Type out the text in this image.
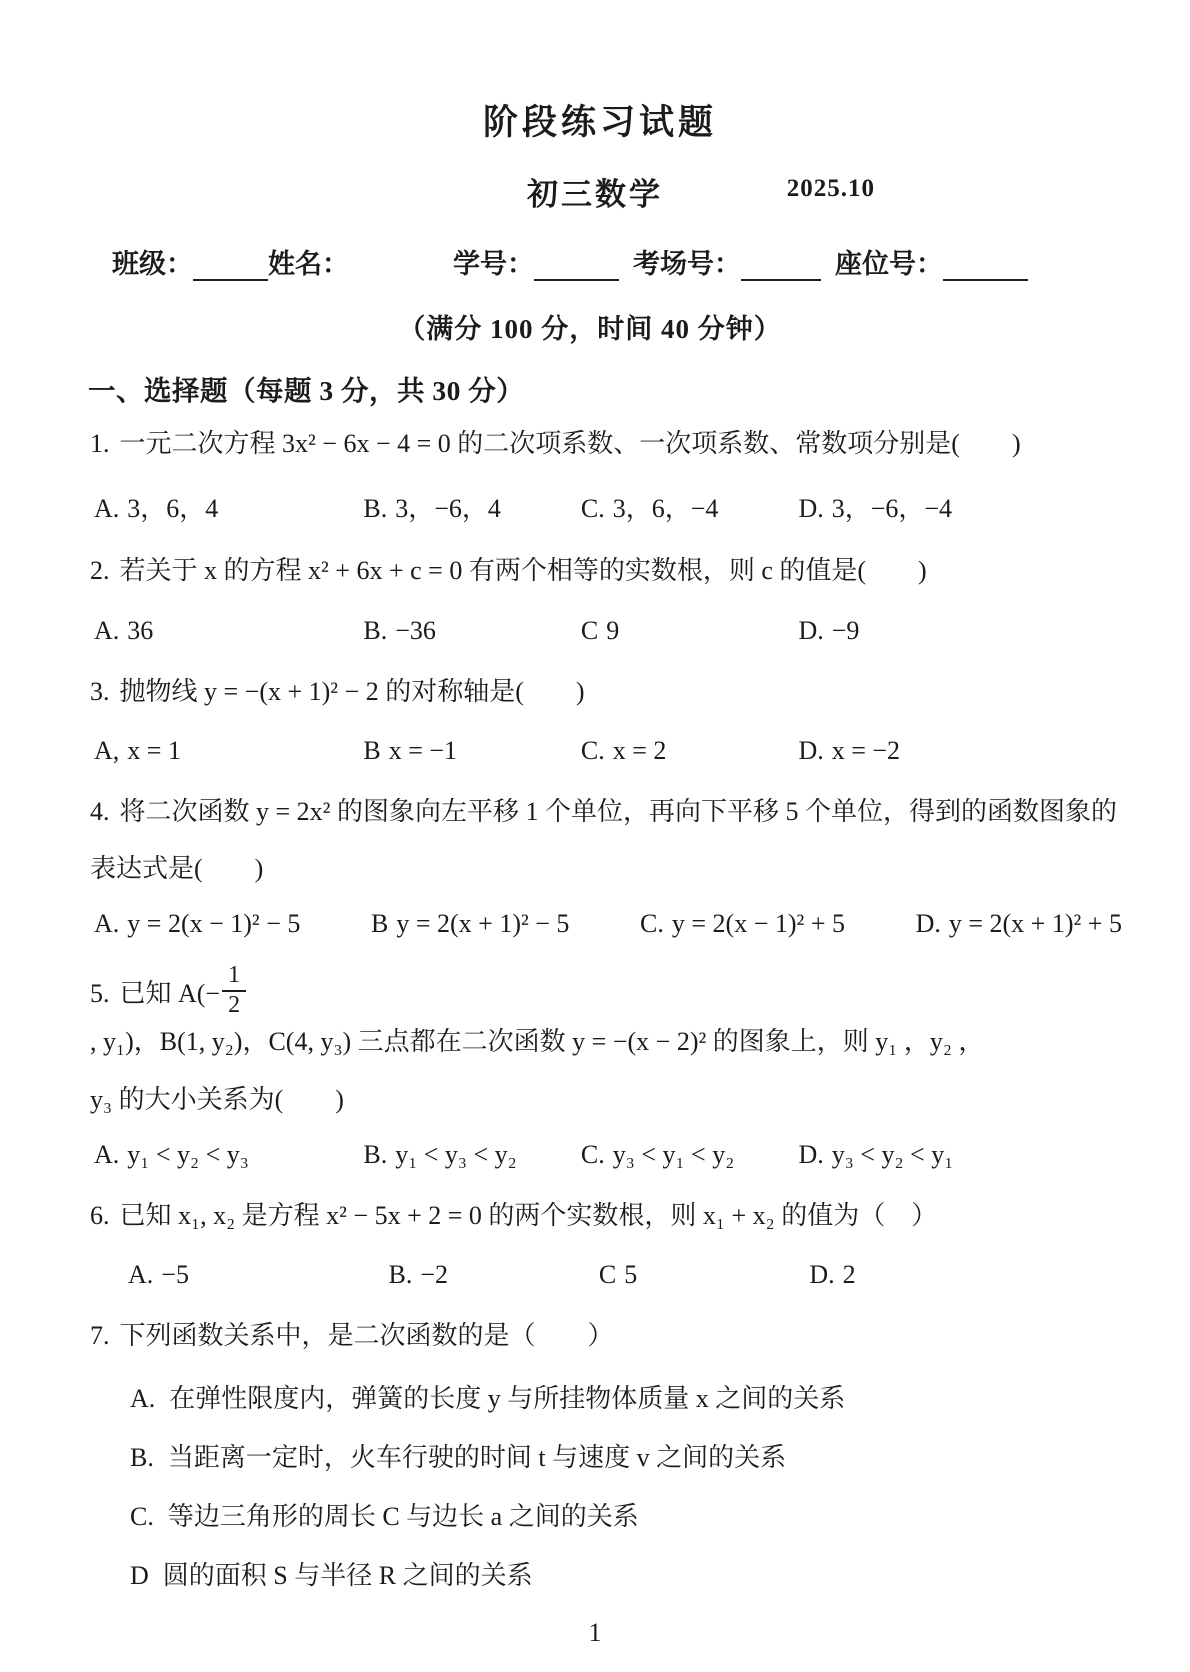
阶段练习试题
初三数学	2025.10
班级：	姓名：	学号：	考场号：	座位号：
（满分 100 分，时间 40 分钟）
一、选择题（每题 3 分，共 30 分）
1. 一元二次方程 3x² − 6x − 4 = 0 的二次项系数、一次项系数、常数项分别是(　　)
A. 3，6，4	B. 3，−6，4	C. 3，6，−4	D. 3，−6，−4
2. 若关于 x 的方程 x² + 6x + c = 0 有两个相等的实数根，则 c 的值是(　　)
A. 36	B. −36	C 9	D. −9
3. 抛物线 y = −(x + 1)² − 2 的对称轴是(　　)
A, x = 1	B x = −1	C. x = 2	D. x = −2
4. 将二次函数 y = 2x² 的图象向左平移 1 个单位，再向下平移 5 个单位，得到的函数图象的
表达式是(　　)
A. y = 2(x − 1)² − 5	B y = 2(x + 1)² − 5	C. y = 2(x − 1)² + 5	D. y = 2(x + 1)² + 5
5. 已知 $A(- \frac{1}{2}$
, y₁)，B(1, y₂)，C(4, y₃) 三点都在二次函数 y = −(x − 2)² 的图象上，则 y₁ ，y₂ ，
y₃ 的大小关系为(　　)
A. y₁ < y₂ < y₃	B. y₁ < y₃ < y₂	C. y₃ < y₁ < y₂	D. y₃ < y₂ < y₁
6. 已知 x₁, x₂ 是方程 x² − 5x + 2 = 0 的两个实数根，则 x₁ + x₂ 的值为（　）
A. −5	B. −2	C 5	D. 2
7. 下列函数关系中，是二次函数的是（　　）
A. 在弹性限度内，弹簧的长度 y 与所挂物体质量 x 之间的关系
B. 当距离一定时，火车行驶的时间 t 与速度 v 之间的关系
C. 等边三角形的周长 C 与边长 a 之间的关系
D 圆的面积 S 与半径 R 之间的关系
1
